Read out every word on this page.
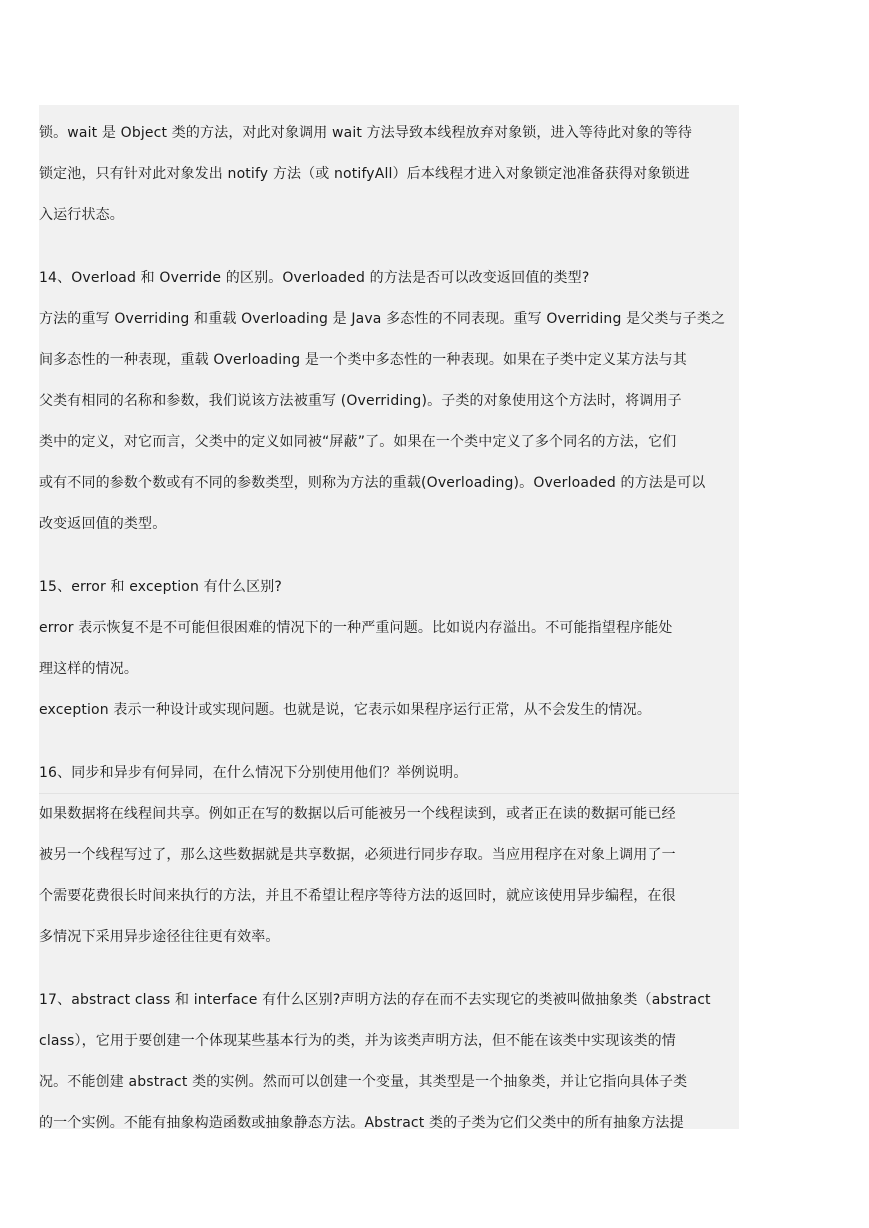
锁。wait 是 Object 类的方法，对此对象调用 wait 方法导致本线程放弃对象锁，进入等待此对象的等待
锁定池，只有针对此对象发出 notify 方法（或 notifyAll）后本线程才进入对象锁定池准备获得对象锁进
入运行状态。
14、Overload 和 Override 的区别。Overloaded 的方法是否可以改变返回值的类型?
方法的重写 Overriding 和重载 Overloading 是 Java 多态性的不同表现。重写 Overriding 是父类与子类之
间多态性的一种表现，重载 Overloading 是一个类中多态性的一种表现。如果在子类中定义某方法与其
父类有相同的名称和参数，我们说该方法被重写 (Overriding)。子类的对象使用这个方法时，将调用子
类中的定义，对它而言，父类中的定义如同被“屏蔽”了。如果在一个类中定义了多个同名的方法，它们
或有不同的参数个数或有不同的参数类型，则称为方法的重载(Overloading)。Overloaded 的方法是可以
改变返回值的类型。
15、error 和 exception 有什么区别?
error 表示恢复不是不可能但很困难的情况下的一种严重问题。比如说内存溢出。不可能指望程序能处
理这样的情况。
exception 表示一种设计或实现问题。也就是说，它表示如果程序运行正常，从不会发生的情况。
16、同步和异步有何异同，在什么情况下分别使用他们？举例说明。
如果数据将在线程间共享。例如正在写的数据以后可能被另一个线程读到，或者正在读的数据可能已经
被另一个线程写过了，那么这些数据就是共享数据，必须进行同步存取。当应用程序在对象上调用了一
个需要花费很长时间来执行的方法，并且不希望让程序等待方法的返回时，就应该使用异步编程，在很
多情况下采用异步途径往往更有效率。
17、abstract class 和 interface 有什么区别?声明方法的存在而不去实现它的类被叫做抽象类（abstract
class），它用于要创建一个体现某些基本行为的类，并为该类声明方法，但不能在该类中实现该类的情
况。不能创建 abstract 类的实例。然而可以创建一个变量，其类型是一个抽象类，并让它指向具体子类
的一个实例。不能有抽象构造函数或抽象静态方法。Abstract 类的子类为它们父类中的所有抽象方法提
